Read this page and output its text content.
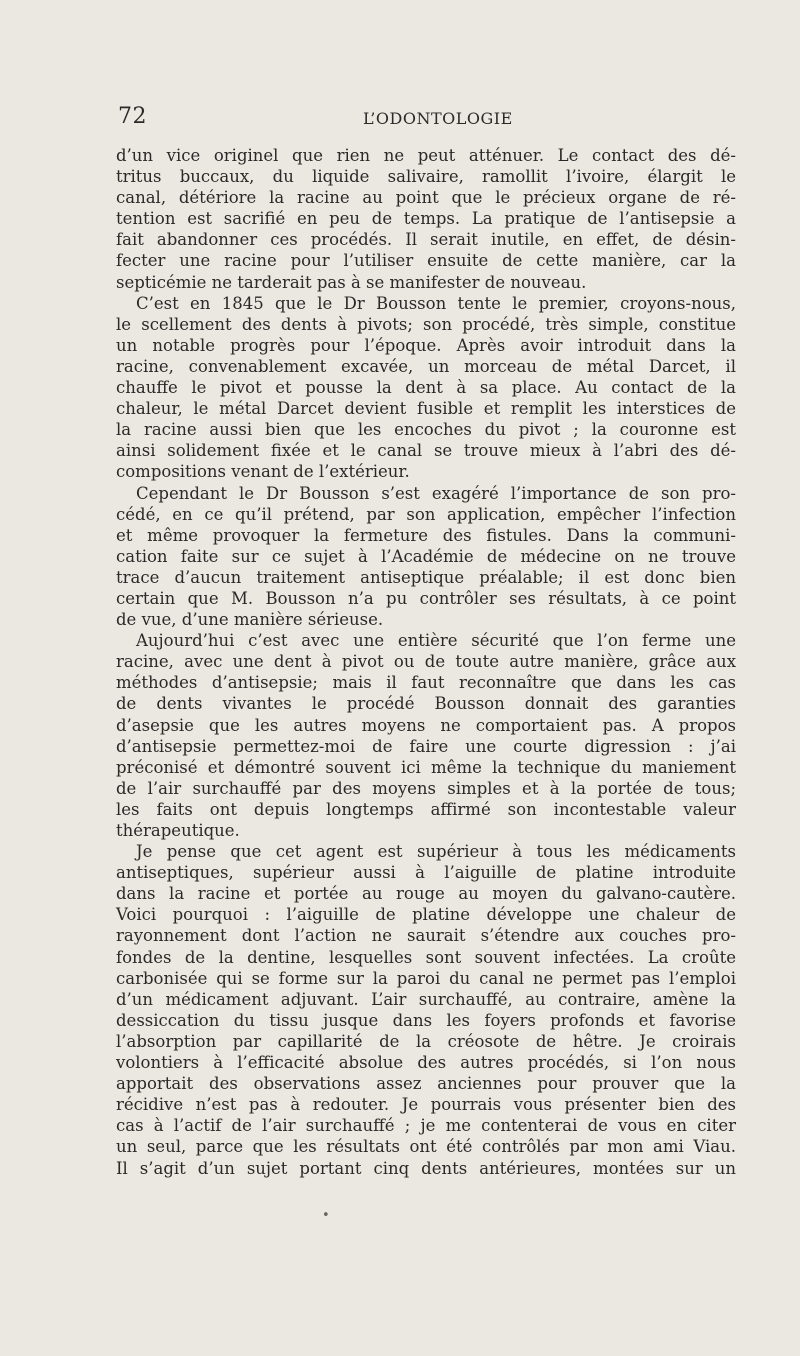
72	L’ODONTOLOGIE

d’un vice originel que rien ne peut atténuer. Le contact des dé-

tritus buccaux, du liquide salivaire, ramollit l’ivoire, élargit le

canal, détériore la racine au point que le précieux organe de ré-

tention est sacrifié en peu de temps. La pratique de l’antisepsie a

fait abandonner ces procédés. Il serait inutile, en effet, de désin-

fecter une racine pour l’utiliser ensuite de cette manière, car la

septicémie ne tarderait pas à se manifester de nouveau.

C’est en 1845 que le Dr Bousson tente le premier, croyons-nous,

le scellement des dents à pivots; son procédé, très simple, constitue

un notable progrès pour l’époque. Après avoir introduit dans la

racine, convenablement excavée, un morceau de métal Darcet, il

chauffe le pivot et pousse la dent à sa place. Au contact de la

chaleur, le métal Darcet devient fusible et remplit les interstices de

la racine aussi bien que les encoches du pivot ; la couronne est

ainsi solidement fixée et le canal se trouve mieux à l’abri des dé-

compositions venant de l’extérieur.

Cependant le Dr Bousson s’est exagéré l’importance de son pro-

cédé, en ce qu’il prétend, par son application, empêcher l’infection

et même provoquer la fermeture des fistules. Dans la communi-

cation faite sur ce sujet à l’Académie de médecine on ne trouve

trace d’aucun traitement antiseptique préalable; il est donc bien

certain que M. Bousson n’a pu contrôler ses résultats, à ce point

de vue, d’une manière sérieuse.

Aujourd’hui c’est avec une entière sécurité que l’on ferme une

racine, avec une dent à pivot ou de toute autre manière, grâce aux

méthodes d’antisepsie; mais il faut reconnaître que dans les cas

de dents vivantes le procédé Bousson donnait des garanties

d’asepsie que les autres moyens ne comportaient pas. A propos

d’antisepsie permettez-moi de faire une courte digression : j’ai

préconisé et démontré souvent ici même la technique du maniement

de l’air surchauffé par des moyens simples et à la portée de tous;

les faits ont depuis longtemps affirmé son incontestable valeur

thérapeutique.

Je pense que cet agent est supérieur à tous les médicaments

antiseptiques, supérieur aussi à l’aiguille de platine introduite

dans la racine et portée au rouge au moyen du galvano-cautère.

Voici pourquoi : l’aiguille de platine développe une chaleur de

rayonnement dont l’action ne saurait s’étendre aux couches pro-

fondes de la dentine, lesquelles sont souvent infectées. La croûte

carbonisée qui se forme sur la paroi du canal ne permet pas l’emploi

d’un médicament adjuvant. L’air surchauffé, au contraire, amène la

dessiccation du tissu jusque dans les foyers profonds et favorise

l’absorption par capillarité de la créosote de hêtre. Je croirais

volontiers à l’efficacité absolue des autres procédés, si l’on nous

apportait des observations assez anciennes pour prouver que la

récidive n’est pas à redouter. Je pourrais vous présenter bien des

cas à l’actif de l’air surchauffé ; je me contenterai de vous en citer

un seul, parce que les résultats ont été contrôlés par mon ami Viau.

Il s’agit d’un sujet portant cinq dents antérieures, montées sur un

•
